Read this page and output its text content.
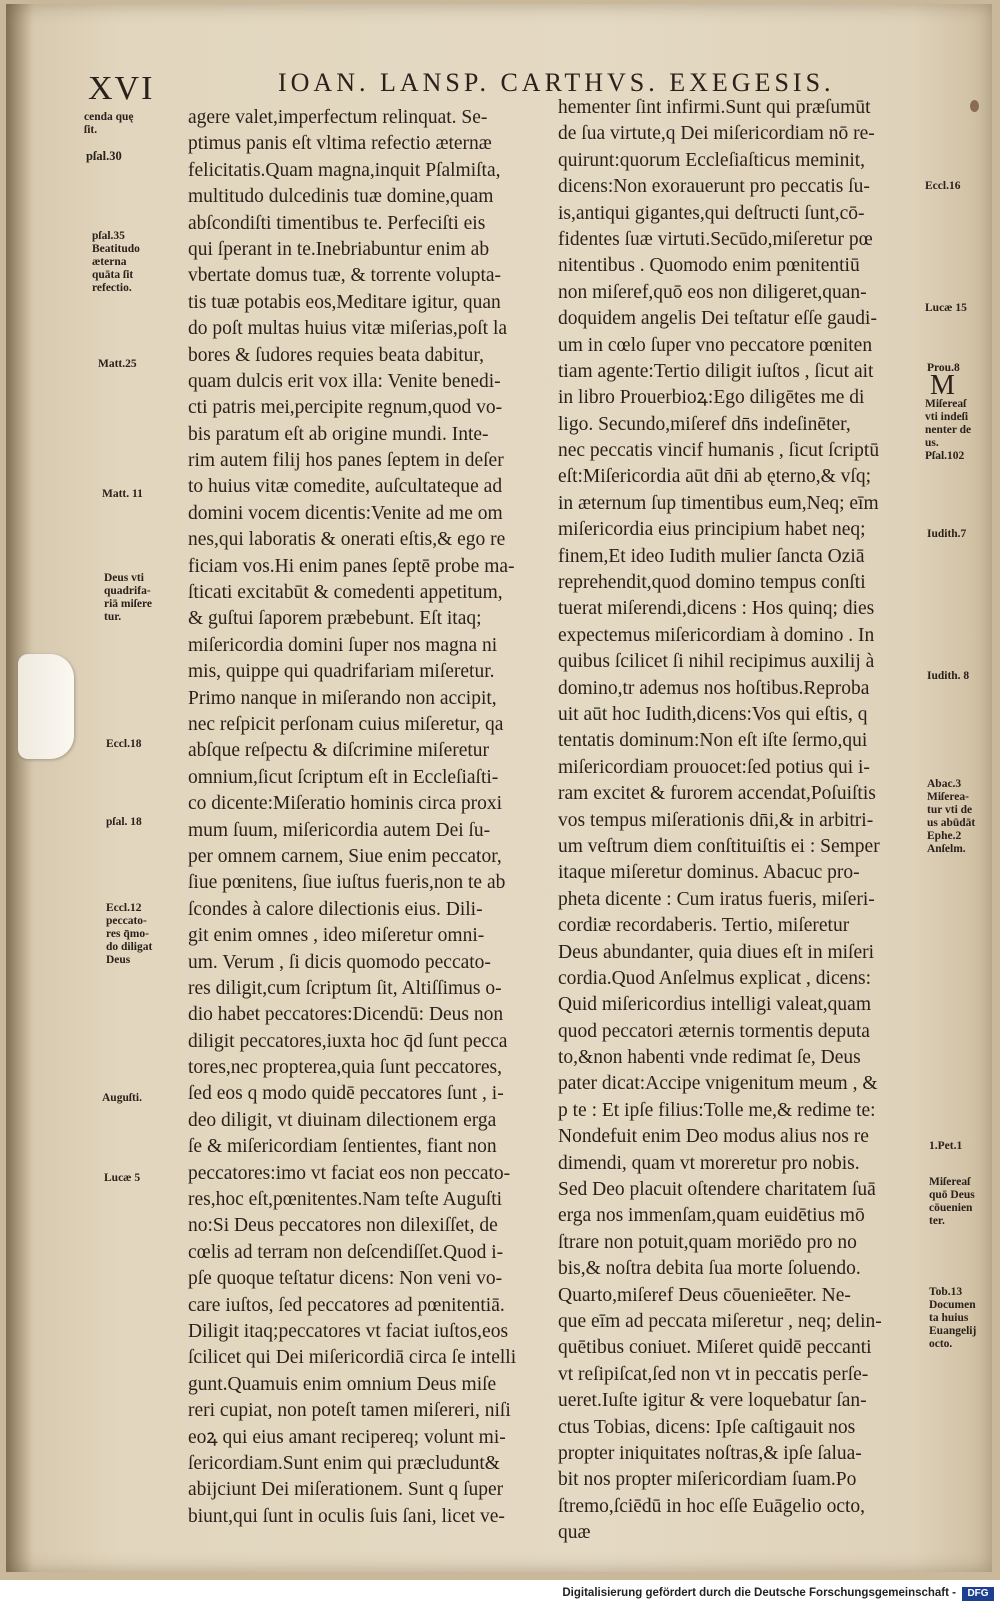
XVI	IOAN. LANSP. CARTHVS. EXEGESIS.
agere valet,imperfectum relinquat. Se-
ptimus panis eſt vltima refectio æternæ
felicitatis.Quam magna,inquit Pſalmiſta,
multitudo dulcedinis tuæ domine,quam
abſcondiſti timentibus te. Perfeciſti eis
qui ſperant in te.Inebriabuntur enim ab
vbertate domus tuæ, & torrente volupta-
tis tuæ potabis eos,Meditare igitur, quan
do poſt multas huius vitæ miſerias,poſt la
bores & ſudores requies beata dabitur,
quam dulcis erit vox illa: Venite benedi-
cti patris mei,percipite regnum,quod vo-
bis paratum eſt ab origine mundi. Inte-
rim autem filij hos panes ſeptem in deſer
to huius vitæ comedite, auſcultateque ad
domini vocem dicentis:Venite ad me om
nes,qui laboratis & onerati eſtis,& ego re
ficiam vos.Hi enim panes ſeptē probe ma-
ſticati excitabūt & comedenti appetitum,
& guſtui ſaporem præbebunt. Eſt itaq;
miſericordia domini ſuper nos magna ni
mis, quippe qui quadrifariam miſeretur.
Primo nanque in miſerando non accipit,
nec reſpicit perſonam cuius miſeretur, qa
abſque reſpectu & diſcrimine miſeretur
omnium,ſicut ſcriptum eſt in Eccleſiaſti-
co dicente:Miſeratio hominis circa proxi
mum ſuum, miſericordia autem Dei ſu-
per omnem carnem, Siue enim peccator,
ſiue pœnitens, ſiue iuſtus fueris,non te ab
ſcondes à calore dilectionis eius. Dili-
git enim omnes , ideo miſeretur omni-
um. Verum , ſi dicis quomodo peccato-
res diligit,cum ſcriptum ſit, Altiſſimus o-
dio habet peccatores:Dicendū: Deus non
diligit peccatores,iuxta hoc q̄d ſunt pecca
tores,nec propterea,quia ſunt peccatores,
ſed eos q modo quidē peccatores ſunt , i-
deo diligit, vt diuinam dilectionem erga
ſe & miſericordiam ſentientes, fiant non
peccatores:imo vt faciat eos non peccato-
res,hoc eſt,pœnitentes.Nam teſte Auguſti
no:Si Deus peccatores non dilexiſſet, de
cœlis ad terram non deſcendiſſet.Quod i-
pſe quoque teſtatur dicens: Non veni vo-
care iuſtos, ſed peccatores ad pœnitentiā.
Diligit itaq;peccatores vt faciat iuſtos,eos
ſcilicet qui Dei miſericordiā circa ſe intelli
gunt.Quamuis enim omnium Deus miſe
reri cupiat, non poteſt tamen miſereri, niſi
eoꝝ qui eius amant recipereq; volunt mi-
ſericordiam.Sunt enim qui præcludunt&
abijciunt Dei miſerationem. Sunt q ſuper
biunt,qui ſunt in oculis ſuis ſani, licet ve-
hementer ſint infirmi.Sunt qui præſumūt
de ſua virtute,q Dei miſericordiam nō re-
quirunt:quorum Eccleſiaſticus meminit,
dicens:Non exorauerunt pro peccatis ſu-
is,antiqui gigantes,qui deſtructi ſunt,cō-
fidentes ſuæ virtuti.Secūdo,miſeretur pœ
nitentibus . Quomodo enim pœnitentiū
non miſeref,quō eos non diligeret,quan-
doquidem angelis Dei teſtatur eſſe gaudi-
um in cœlo ſuper vno peccatore pœniten
tiam agente:Tertio diligit iuſtos , ſicut ait
in libro Prouerbioꝝ:Ego diligētes me di
ligo. Secundo,miſeref dn̄s indeſinēter,
nec peccatis vincif humanis , ſicut ſcriptū
eſt:Miſericordia aūt dn̄i ab ęterno,& vſq;
in æternum ſup timentibus eum,Neq; eīm
miſericordia eius principium habet neq;
finem,Et ideo Iudith mulier ſancta Oziā
reprehendit,quod domino tempus conſti
tuerat miſerendi,dicens : Hos quinq; dies
expectemus miſericordiam à domino . In
quibus ſcilicet ſi nihil recipimus auxilij à
domino,tr ademus nos hoſtibus.Reproba
uit aūt hoc Iudith,dicens:Vos qui eſtis, q
tentatis dominum:Non eſt iſte ſermo,qui
miſericordiam prouocet:ſed potius qui i-
ram excitet & furorem accendat,Poſuiſtis
vos tempus miſerationis dn̄i,& in arbitri-
um veſtrum diem conſtituiſtis ei : Semper
itaque miſeretur dominus. Abacuc pro-
pheta dicente : Cum iratus fueris, miſeri-
cordiæ recordaberis. Tertio, miſeretur
Deus abundanter, quia diues eſt in miſeri
cordia.Quod Anſelmus explicat , dicens:
Quid miſericordius intelligi valeat,quam
quod peccatori æternis tormentis deputa
to,&non habenti vnde redimat ſe, Deus
pater dicat:Accipe vnigenitum meum , &
p te : Et ipſe filius:Tolle me,& redime te:
Nondefuit enim Deo modus alius nos re
dimendi, quam vt moreretur pro nobis.
Sed Deo placuit oſtendere charitatem ſuā
erga nos immenſam,quam euidētius mō
ſtrare non potuit,quam moriēdo pro no
bis,& noſtra debita ſua morte ſoluendo.
Quarto,miſeref Deus cōuenieēter. Ne-
que eīm ad peccata miſeretur , neq; delin-
quētibus coniuet. Miſeret quidē peccanti
vt reſipiſcat,ſed non vt in peccatis perſe-
ueret.Iuſte igitur & vere loquebatur ſan-
ctus Tobias, dicens: Ipſe caſtigauit nos
propter iniquitates noſtras,& ipſe ſalua-
bit nos propter miſericordiam ſuam.Po
ſtremo,ſciēdū in hoc eſſe Euāgelio octo,
quæ
cenda quę
ſit.
pſal.30
pſal.35
Beatitudo
æterna
quāta ſit
refectio.
Matt.25
Matt. 11
Deus vti
quadrifa-
riā miſere
tur.
Eccl.18
pſal. 18
Eccl.12
peccato-
res q̄mo-
do diligat
Deus
Auguſti.
Lucæ 5
Eccl.16
Lucæ 15
Prou.8
M
Miſereaſ
vti indeſi
nenter de
us.
Pſal.102
Iudith.7
Iudith. 8
Abac.3
Miſerea-
tur vti de
us abūdāt
Ephe.2
Anſelm.
1.Pet.1
Miſereaſ
quō Deus
cōuenien
ter.
Tob.13
Documen
ta huius
Euangelij
octo.
Digitalisierung gefördert durch die Deutsche Forschungsgemeinschaft -	DFG
